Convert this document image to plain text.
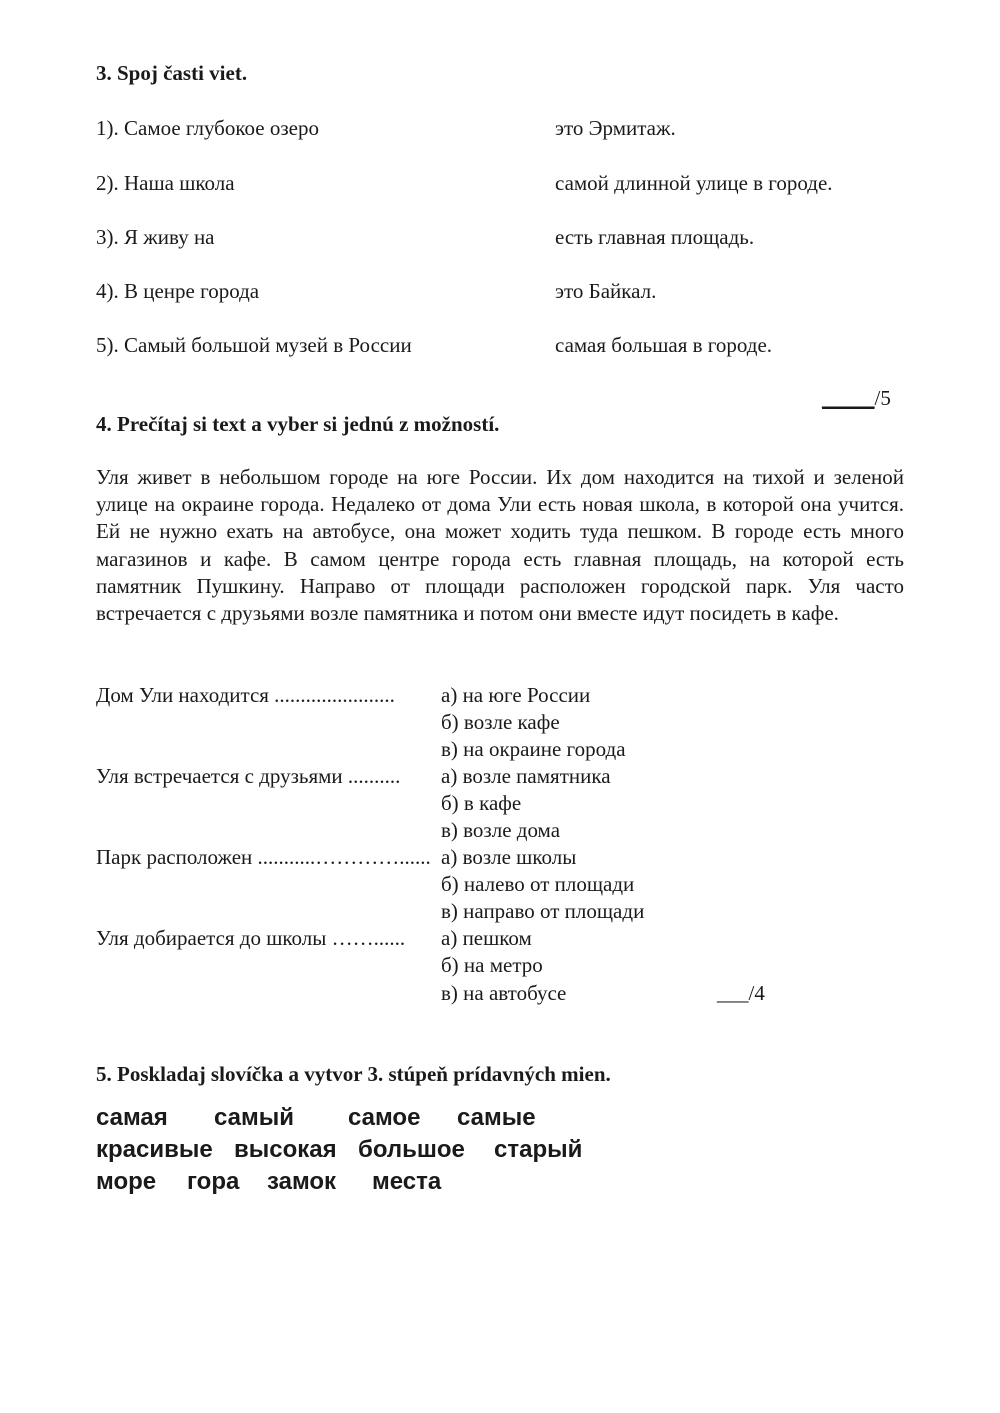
3. Spoj časti viet.
1). Самое глубокое озеро	это Эрмитаж.
2). Наша школа	самой длинной улице в городе.
3). Я живу на	есть главная площадь.
4). В ценре города	это Байкал.
5). Самый большой музей в России	самая большая в городе.
_____/5
4. Prečítaj si text a vyber si jednú z možností.

Уля живет в небольшом городе на юге России. Их дом находится на тихой и зеленой улице на окраине города. Недалеко от дома Ули есть новая школа, в которой она учится. Ей не нужно ехать на автобусе, она может ходить туда пешком. В городе есть много магазинов и кафе. В самом центре города есть главная площадь, на которой есть памятник Пушкину. Направо от площади расположен городской парк. Уля часто встречается с друзьями возле памятника и потом они вместе идут посидеть в кафе.

Дом Ули находится ....................... а) на юге России
б) возле кафе
в) на окраине города
Уля встречается с друзьями .......... а) возле памятника
б) в кафе
в) возле дома
Парк расположен ...........…………...... а) возле школы
б) налево от площади
в) направо от площади
Уля добирается до школы ……...... а) пешком
б) на метро
в) на автобусе	___/4
5. Poskladaj slovíčka a vytvor 3. stúpeň prídavných mien.
самая самый самое самые
красивые высокая большое старый
море гора замок места
